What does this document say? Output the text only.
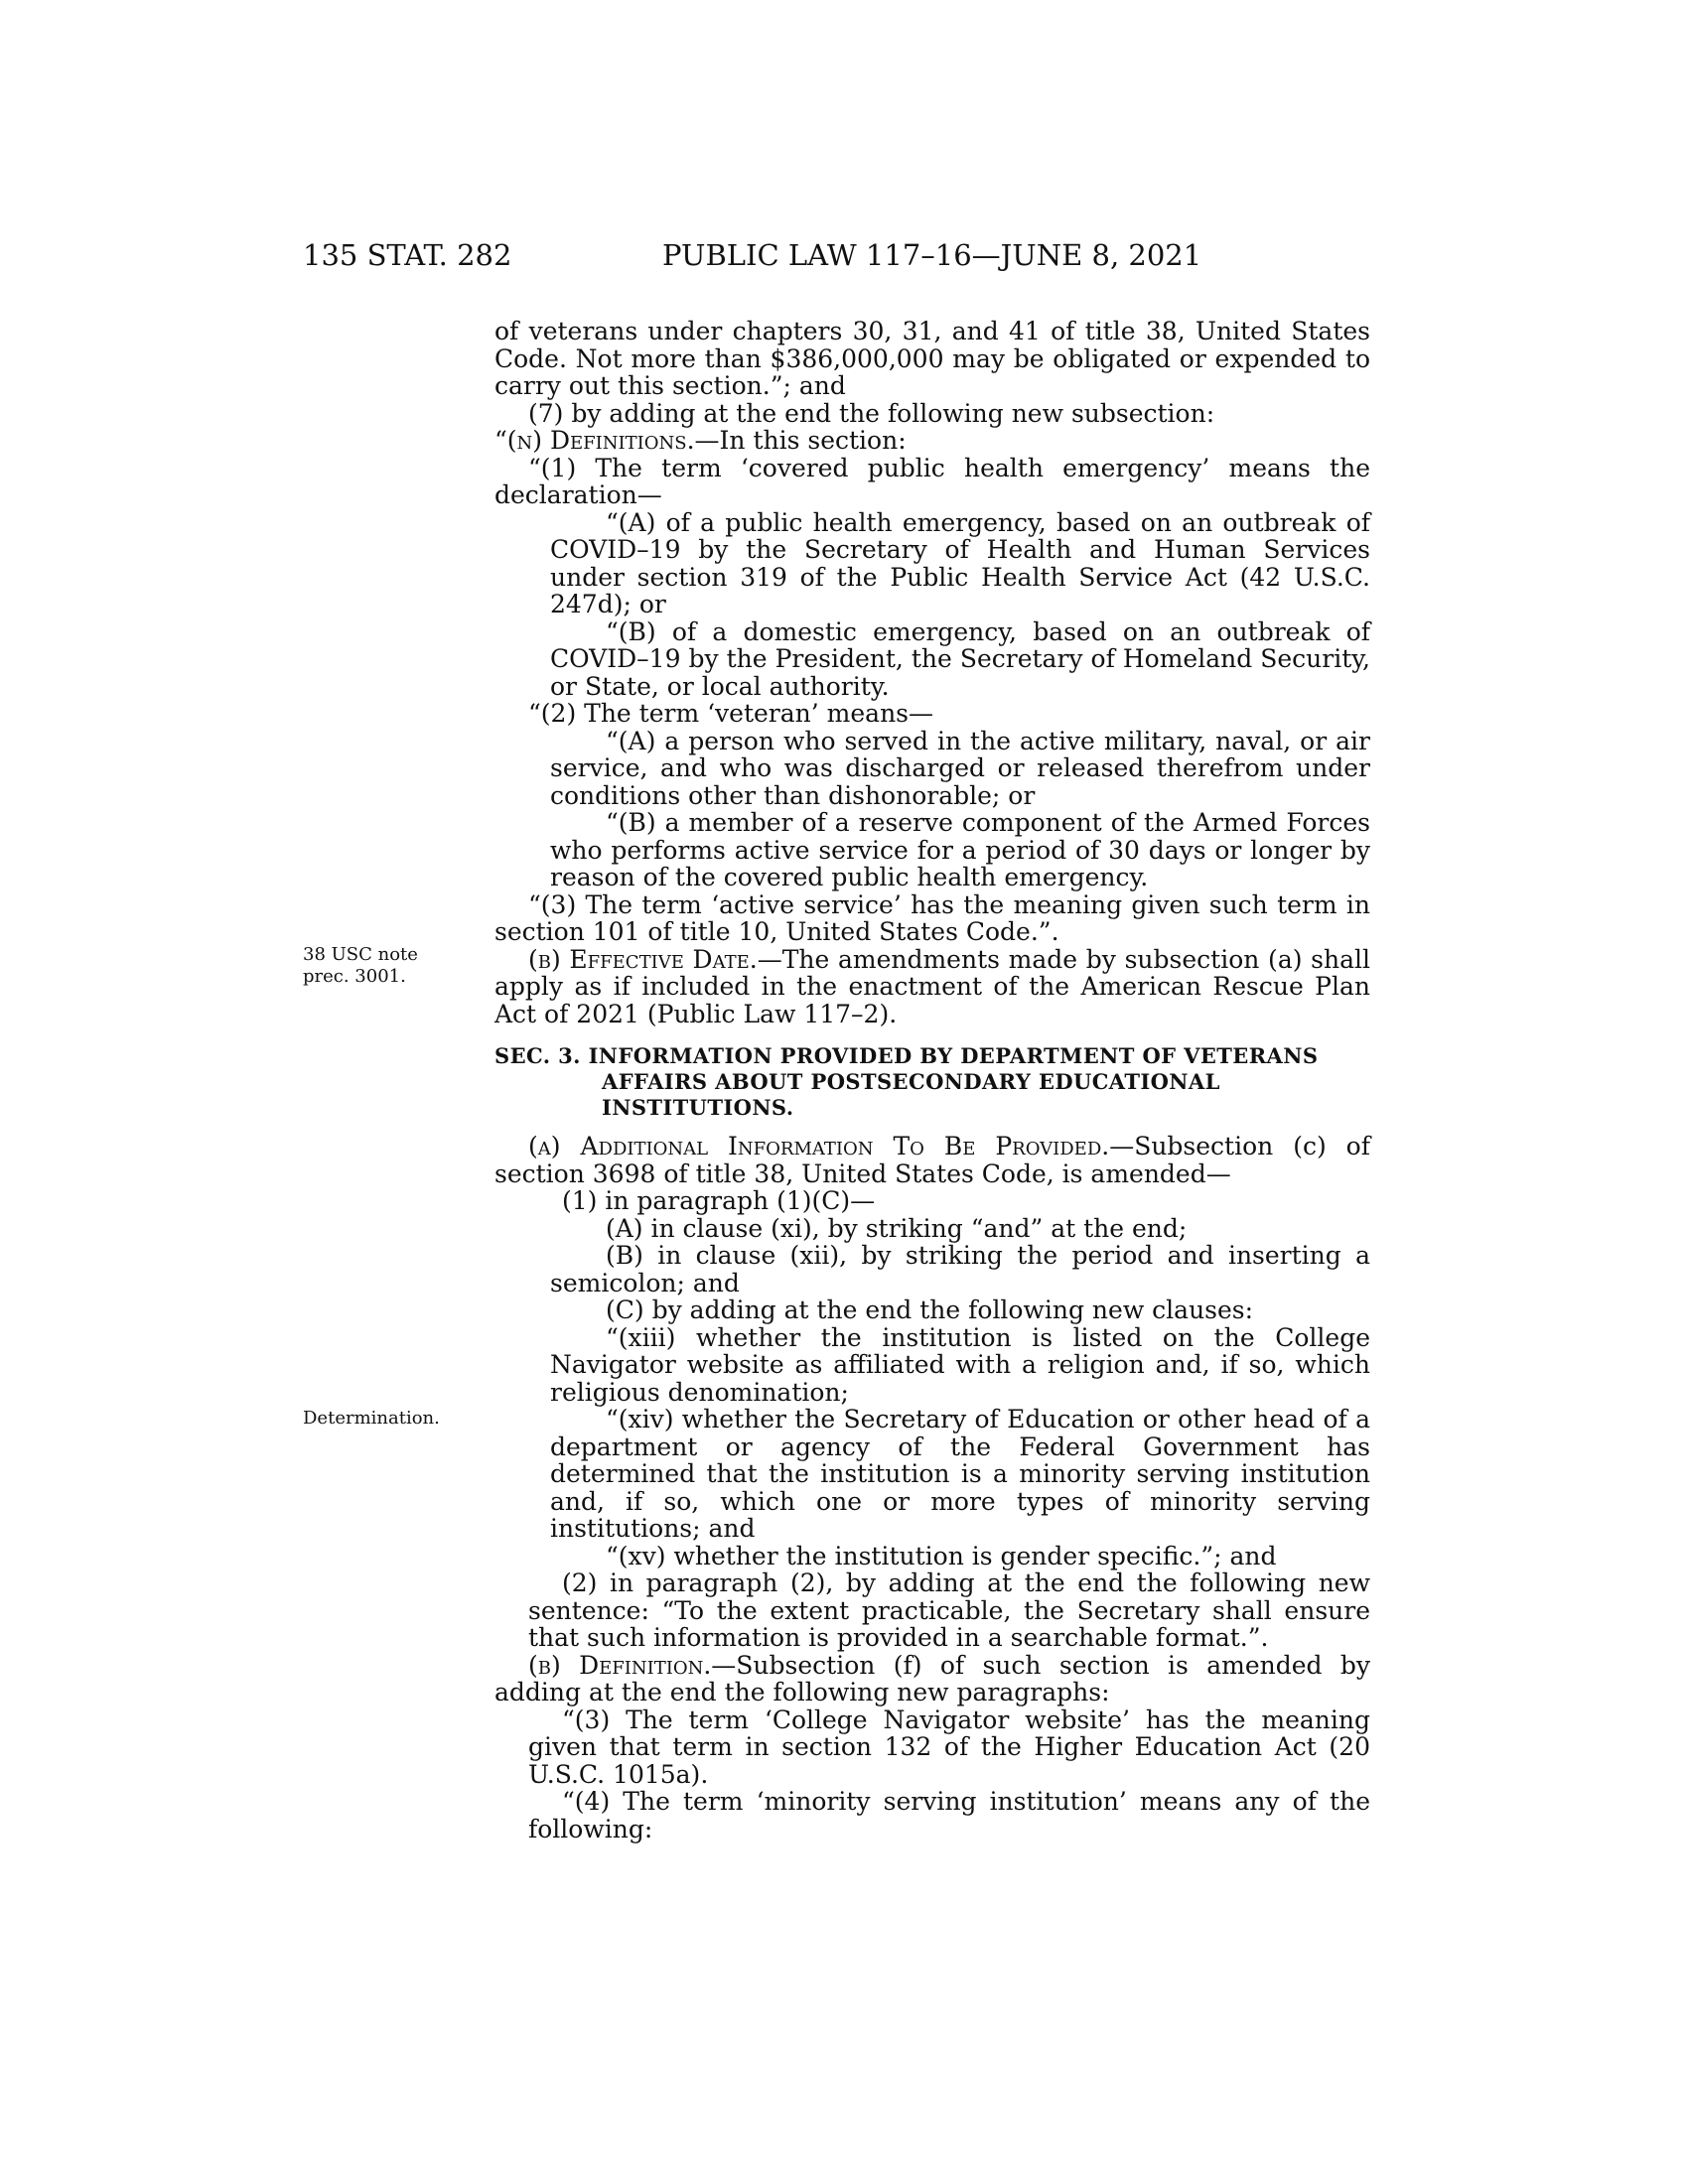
135 STAT. 282	PUBLIC LAW 117–16—JUNE 8, 2021
38 USC note
prec. 3001.
Determination.

of veterans under chapters 30, 31, and 41 of title 38, United States Code. Not more than $386,000,000 may be obligated or expended to carry out this section.”; and

(7) by adding at the end the following new subsection:

“(n) Definitions.—In this section:

“(1) The term ‘covered public health emergency’ means the declaration—

“(A) of a public health emergency, based on an outbreak of COVID–19 by the Secretary of Health and Human Services under section 319 of the Public Health Service Act (42 U.S.C. 247d); or

“(B) of a domestic emergency, based on an outbreak of COVID–19 by the President, the Secretary of Homeland Security, or State, or local authority.

“(2) The term ‘veteran’ means—

“(A) a person who served in the active military, naval, or air service, and who was discharged or released therefrom under conditions other than dishonorable; or

“(B) a member of a reserve component of the Armed Forces who performs active service for a period of 30 days or longer by reason of the covered public health emergency.

“(3) The term ‘active service’ has the meaning given such term in section 101 of title 10, United States Code.”.

(b) Effective Date.—The amendments made by subsection (a) shall apply as if included in the enactment of the American Rescue Plan Act of 2021 (Public Law 117–2).

SEC. 3. INFORMATION PROVIDED BY DEPARTMENT OF VETERANS AFFAIRS ABOUT POSTSECONDARY EDUCATIONAL INSTITUTIONS.

(a) Additional Information To Be Provided.—Subsection (c) of section 3698 of title 38, United States Code, is amended—

(1) in paragraph (1)(C)—

(A) in clause (xi), by striking “and” at the end;

(B) in clause (xii), by striking the period and inserting a semicolon; and

(C) by adding at the end the following new clauses:

“(xiii) whether the institution is listed on the College Navigator website as affiliated with a religion and, if so, which religious denomination;

“(xiv) whether the Secretary of Education or other head of a department or agency of the Federal Government has determined that the institution is a minority serving institution and, if so, which one or more types of minority serving institutions; and

“(xv) whether the institution is gender specific.”; and

(2) in paragraph (2), by adding at the end the following new sentence: “To the extent practicable, the Secretary shall ensure that such information is provided in a searchable format.”.

(b) Definition.—Subsection (f) of such section is amended by adding at the end the following new paragraphs:

“(3) The term ‘College Navigator website’ has the meaning given that term in section 132 of the Higher Education Act (20 U.S.C. 1015a).

“(4) The term ‘minority serving institution’ means any of the following:
